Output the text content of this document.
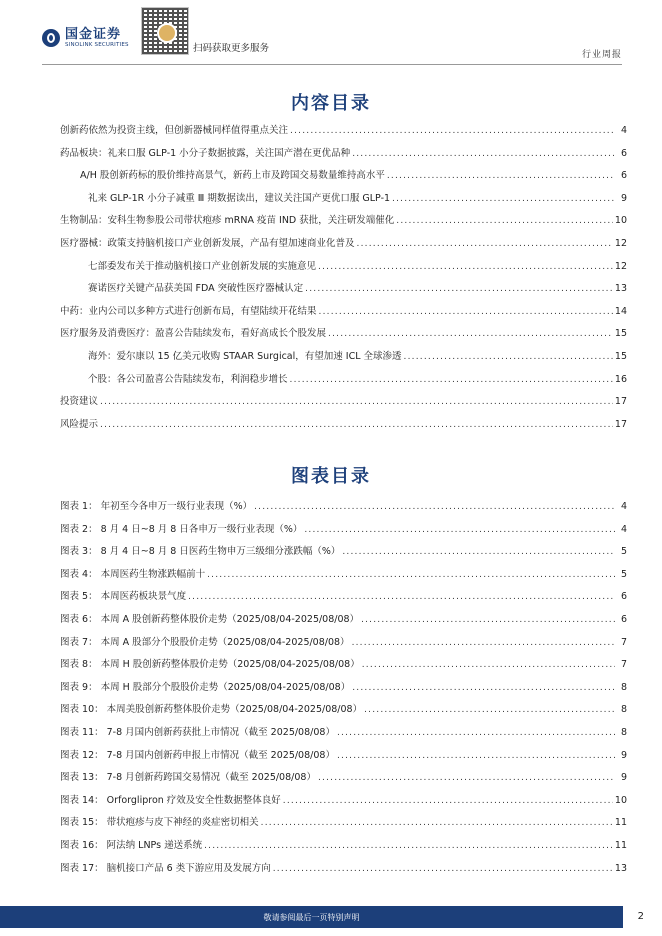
国金证券
SINOLINK SECURITIES	扫码获取更多服务
行业周报
内容目录
创新药依然为投资主线，但创新器械同样值得重点关注 .....	4
药品板块：礼来口服 GLP-1 小分子数据披露，关注国产潜在更优品种 .....	6
A/H 股创新药标的股价维持高景气，新药上市及跨国交易数量维持高水平 .....	6
礼来 GLP-1R 小分子减重 Ⅲ 期数据读出，建议关注国产更优口服 GLP-1 .....	9
生物制品：安科生物参股公司带状疱疹 mRNA 疫苗 IND 获批，关注研发端催化 .....	10
医疗器械：政策支持脑机接口产业创新发展，产品有望加速商业化普及 .....	12
七部委发布关于推动脑机接口产业创新发展的实施意见 .....	12
赛诺医疗关键产品获美国 FDA 突破性医疗器械认定 .....	13
中药：业内公司以多种方式进行创新布局，有望陆续开花结果 .....	14
医疗服务及消费医疗：盈喜公告陆续发布，看好高成长个股发展 .....	15
海外：爱尔康以 15 亿美元收购 STAAR Surgical，有望加速 ICL 全球渗透 .....	15
个股：各公司盈喜公告陆续发布，利润稳步增长 .....	16
投资建议 .....	17
风险提示 .....	17
图表目录
图表 1： 年初至今各申万一级行业表现（%） .....	4
图表 2： 8 月 4 日~8 月 8 日各申万一级行业表现（%） .....	4
图表 3： 8 月 4 日~8 月 8 日医药生物申万三级细分涨跌幅（%） .....	5
图表 4： 本周医药生物涨跌幅前十 .....	5
图表 5： 本周医药板块景气度 .....	6
图表 6： 本周 A 股创新药整体股价走势（2025/08/04-2025/08/08） .....	6
图表 7： 本周 A 股部分个股股价走势（2025/08/04-2025/08/08） .....	7
图表 8： 本周 H 股创新药整体股价走势（2025/08/04-2025/08/08） .....	7
图表 9： 本周 H 股部分个股股价走势（2025/08/04-2025/08/08） .....	8
图表 10： 本周美股创新药整体股价走势（2025/08/04-2025/08/08） .....	8
图表 11： 7-8 月国内创新药获批上市情况（截至 2025/08/08） .....	8
图表 12： 7-8 月国内创新药申报上市情况（截至 2025/08/08） .....	9
图表 13： 7-8 月创新药跨国交易情况（截至 2025/08/08） .....	9
图表 14： Orforglipron 疗效及安全性数据整体良好 .....	10
图表 15： 带状疱疹与皮下神经的炎症密切相关 .....	11
图表 16： 阿法纳 LNPs 递送系统 .....	11
图表 17： 脑机接口产品 6 类下游应用及发展方向 .....	13
敬请参阅最后一页特别声明	2
